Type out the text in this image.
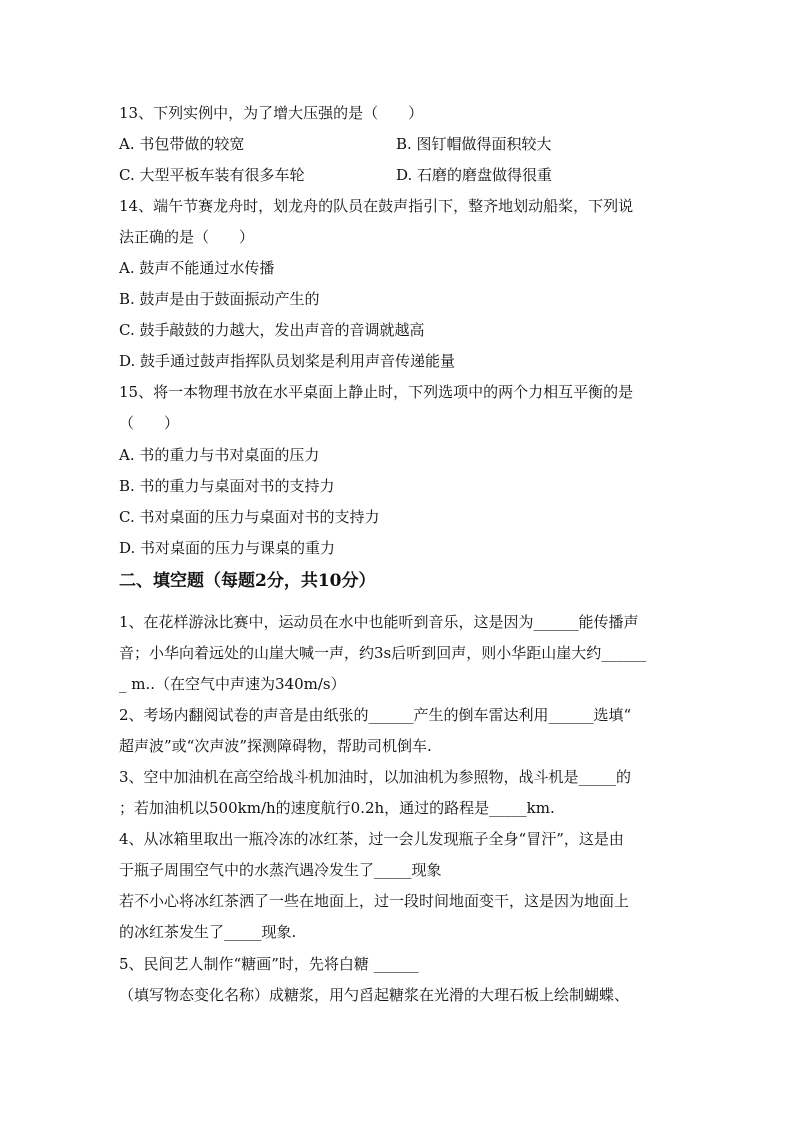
13、下列实例中，为了增大压强的是（　　）
A. 书包带做的较宽	B. 图钉帽做得面积较大
C. 大型平板车装有很多车轮	D. 石磨的磨盘做得很重
14、端午节赛龙舟时，划龙舟的队员在鼓声指引下，整齐地划动船桨，下列说
法正确的是（　　）
A. 鼓声不能通过水传播
B. 鼓声是由于鼓面振动产生的
C. 鼓手敲鼓的力越大，发出声音的音调就越高
D. 鼓手通过鼓声指挥队员划桨是利用声音传递能量
15、将一本物理书放在水平桌面上静止时，下列选项中的两个力相互平衡的是
（　　）
A. 书的重力与书对桌面的压力
B. 书的重力与桌面对书的支持力
C. 书对桌面的压力与桌面对书的支持力
D. 书对桌面的压力与课桌的重力
二、填空题（每题2分，共10分）
1、在花样游泳比赛中，运动员在水中也能听到音乐，这是因为______能传播声
音；小华向着远处的山崖大喊一声，约3s后听到回声，则小华距山崖大约______
_ m..（在空气中声速为340m/s）
2、考场内翻阅试卷的声音是由纸张的______产生的倒车雷达利用______选填“
超声波”或“次声波”探测障碍物，帮助司机倒车.
3、空中加油机在高空给战斗机加油时，以加油机为参照物，战斗机是_____的
；若加油机以500km/h的速度航行0.2h，通过的路程是_____km.
4、从冰箱里取出一瓶冷冻的冰红茶，过一会儿发现瓶子全身“冒汗”，这是由
于瓶子周围空气中的水蒸汽遇冷发生了_____现象
若不小心将冰红茶洒了一些在地面上，过一段时间地面变干，这是因为地面上
的冰红茶发生了_____现象.
5、民间艺人制作“糖画”时，先将白糖 ______
（填写物态变化名称）成糖浆，用勺舀起糖浆在光滑的大理石板上绘制蝴蝶、
